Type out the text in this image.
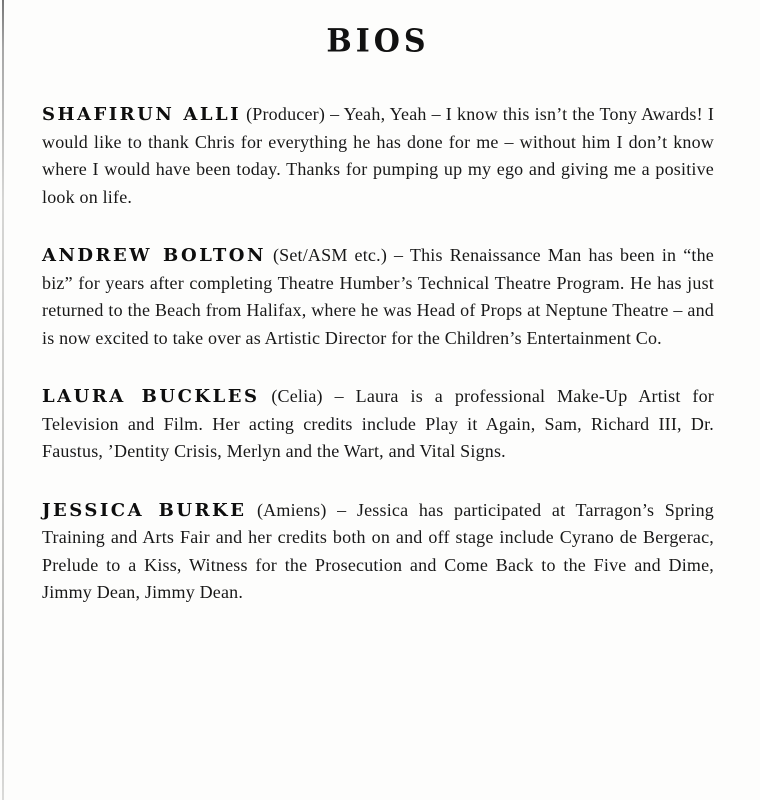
BIOS

SHAFIRUN ALLI (Producer) – Yeah, Yeah – I know this isn’t the Tony Awards! I would like to thank Chris for everything he has done for me – without him I don’t know where I would have been today. Thanks for pumping up my ego and giving me a positive look on life.

ANDREW BOLTON (Set/ASM etc.) – This Renaissance Man has been in “the biz” for years after completing Theatre Humber’s Technical Theatre Program. He has just returned to the Beach from Halifax, where he was Head of Props at Neptune Theatre – and is now excited to take over as Artistic Director for the Children’s Entertainment Co.

LAURA BUCKLES (Celia) – Laura is a professional Make-Up Artist for Television and Film. Her acting credits include Play it Again, Sam, Richard III, Dr. Faustus, ’Dentity Crisis, Merlyn and the Wart, and Vital Signs.

JESSICA BURKE (Amiens) – Jessica has participated at Tarragon’s Spring Training and Arts Fair and her credits both on and off stage include Cyrano de Bergerac, Prelude to a Kiss, Witness for the Prosecution and Come Back to the Five and Dime, Jimmy Dean, Jimmy Dean.
